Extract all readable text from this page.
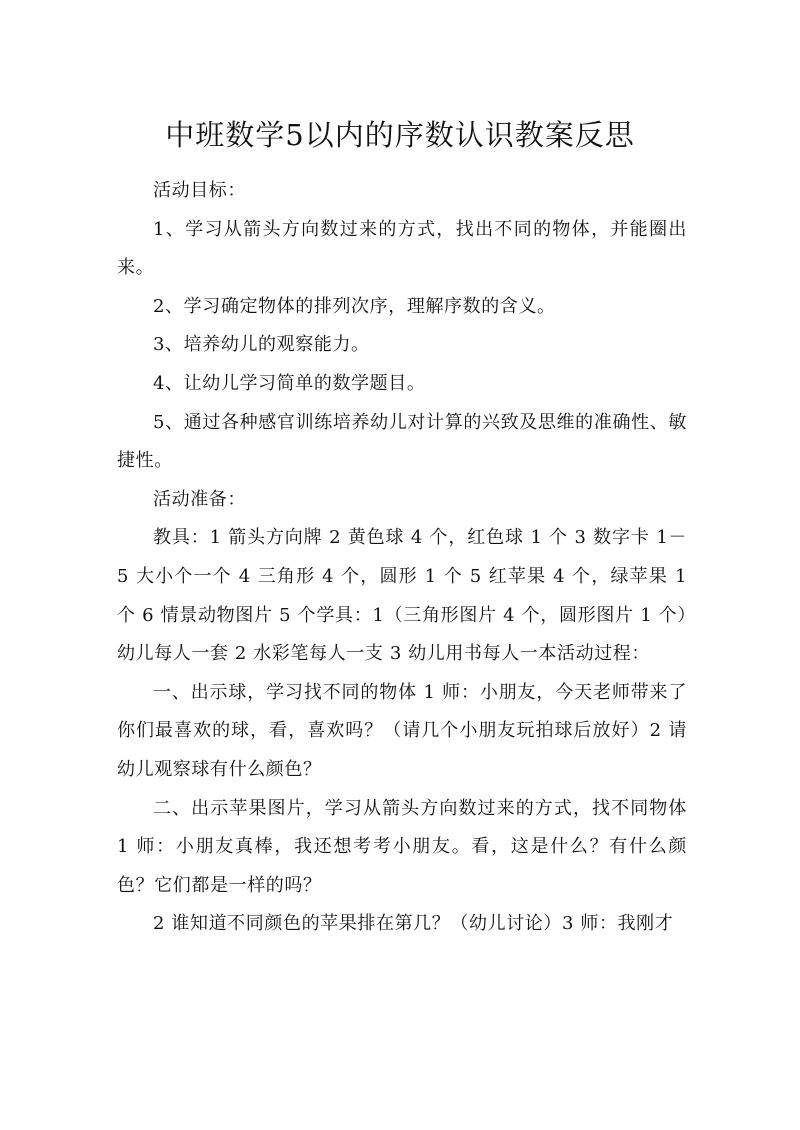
中班数学5以内的序数认识教案反思

活动目标：

1、学习从箭头方向数过来的方式，找出不同的物体，并能圈出来。

2、学习确定物体的排列次序，理解序数的含义。

3、培养幼儿的观察能力。

4、让幼儿学习简单的数学题目。

5、通过各种感官训练培养幼儿对计算的兴致及思维的准确性、敏捷性。

活动准备：

教具：1 箭头方向牌 2 黄色球 4 个，红色球 1 个 3 数字卡 1－5 大小个一个 4 三角形 4 个，圆形 1 个 5 红苹果 4 个，绿苹果 1 个 6 情景动物图片 5 个学具：1（三角形图片 4 个，圆形图片 1 个）幼儿每人一套 2 水彩笔每人一支 3 幼儿用书每人一本活动过程：

一、出示球，学习找不同的物体 1 师：小朋友，今天老师带来了你们最喜欢的球，看，喜欢吗？（请几个小朋友玩拍球后放好）2 请幼儿观察球有什么颜色？

二、出示苹果图片，学习从箭头方向数过来的方式，找不同物体 1 师：小朋友真棒，我还想考考小朋友。看，这是什么？有什么颜色？它们都是一样的吗？

2 谁知道不同颜色的苹果排在第几？（幼儿讨论）3 师：我刚才
